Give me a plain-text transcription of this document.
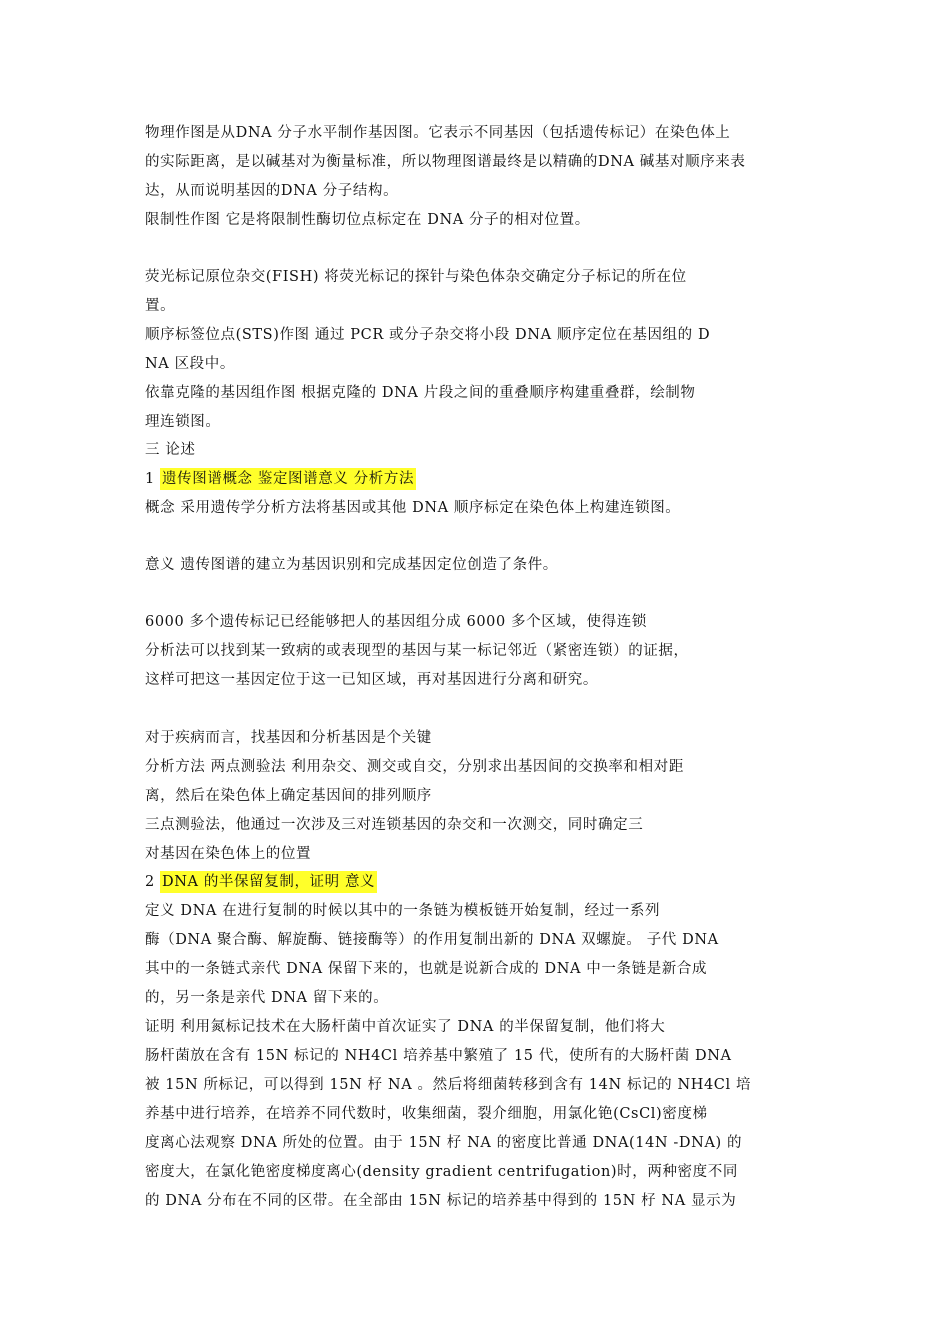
物理作图是从DNA 分子水平制作基因图。它表示不同基因（包括遗传标记）在染色体上
的实际距离，是以碱基对为衡量标准，所以物理图谱最终是以精确的DNA 碱基对顺序来表
达，从而说明基因的DNA 分子结构。
限制性作图 它是将限制性酶切位点标定在 DNA 分子的相对位置。
荧光标记原位杂交(FISH) 将荧光标记的探针与染色体杂交确定分子标记的所在位
置。
顺序标签位点(STS)作图 通过 PCR 或分子杂交将小段 DNA 顺序定位在基因组的 D
NA 区段中。
依靠克隆的基因组作图 根据克隆的 DNA 片段之间的重叠顺序构建重叠群，绘制物
理连锁图。
三 论述
1 遗传图谱概念 鉴定图谱意义 分析方法
概念 采用遗传学分析方法将基因或其他 DNA 顺序标定在染色体上构建连锁图。
意义 遗传图谱的建立为基因识别和完成基因定位创造了条件。
6000 多个遗传标记已经能够把人的基因组分成 6000 多个区域，使得连锁
分析法可以找到某一致病的或表现型的基因与某一标记邻近（紧密连锁）的证据，
这样可把这一基因定位于这一已知区域，再对基因进行分离和研究。
对于疾病而言，找基因和分析基因是个关键
分析方法 两点测验法 利用杂交、测交或自交，分别求出基因间的交换率和相对距
离，然后在染色体上确定基因间的排列顺序
三点测验法，他通过一次涉及三对连锁基因的杂交和一次测交，同时确定三
对基因在染色体上的位置
2 DNA 的半保留复制，证明 意义
定义 DNA 在进行复制的时候以其中的一条链为模板链开始复制，经过一系列
酶（DNA 聚合酶、解旋酶、链接酶等）的作用复制出新的 DNA 双螺旋。 子代 DNA
其中的一条链式亲代 DNA 保留下来的，也就是说新合成的 DNA 中一条链是新合成
的，另一条是亲代 DNA 留下来的。
证明 利用氮标记技术在大肠杆菌中首次证实了 DNA 的半保留复制，他们将大
肠杆菌放在含有 15N 标记的 NH4Cl 培养基中繁殖了 15 代，使所有的大肠杆菌 DNA
被 15N 所标记，可以得到 15N 杍 NA 。然后将细菌转移到含有 14N 标记的 NH4Cl 培
养基中进行培养，在培养不同代数时，收集细菌，裂介细胞，用氯化铯(CsCl)密度梯
度离心法观察 DNA 所处的位置。由于 15N 杍 NA 的密度比普通 DNA(14N -DNA) 的
密度大，在氯化铯密度梯度离心(density gradient centrifugation)时，两种密度不同
的 DNA 分布在不同的区带。在全部由 15N 标记的培养基中得到的 15N 杍 NA 显示为
